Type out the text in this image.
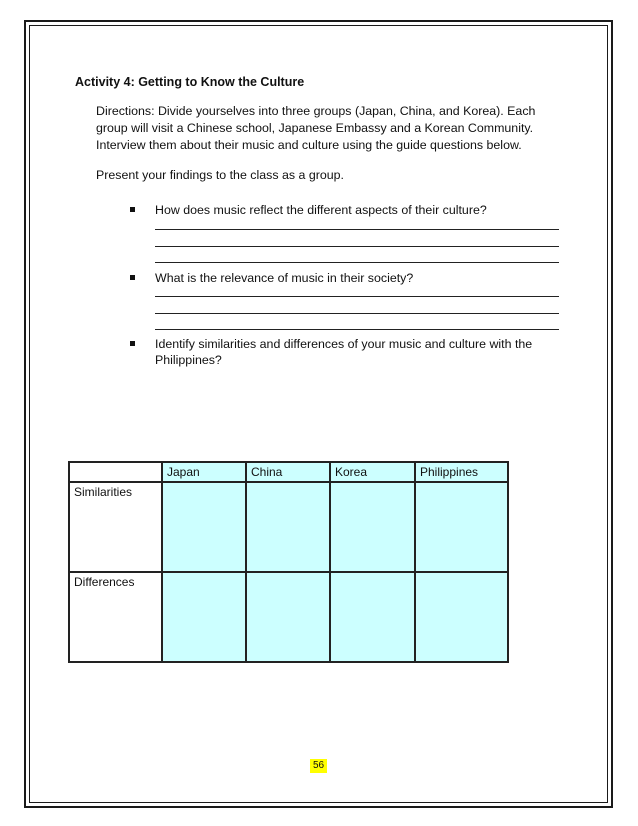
Activity 4: Getting to Know the Culture

Directions: Divide yourselves into three groups (Japan, China, and Korea). Each

group will visit a Chinese school, Japanese Embassy and a Korean Community.

Interview them about their music and culture using the guide questions below.

Present your findings to the class as a group.
How does music reflect the different aspects of their culture?
What is the relevance of music in their society?
Identify similarities and differences of your music and culture with the Philippines?
	Japan	China	Korea	Philippines
Similarities				
Differences				
56
